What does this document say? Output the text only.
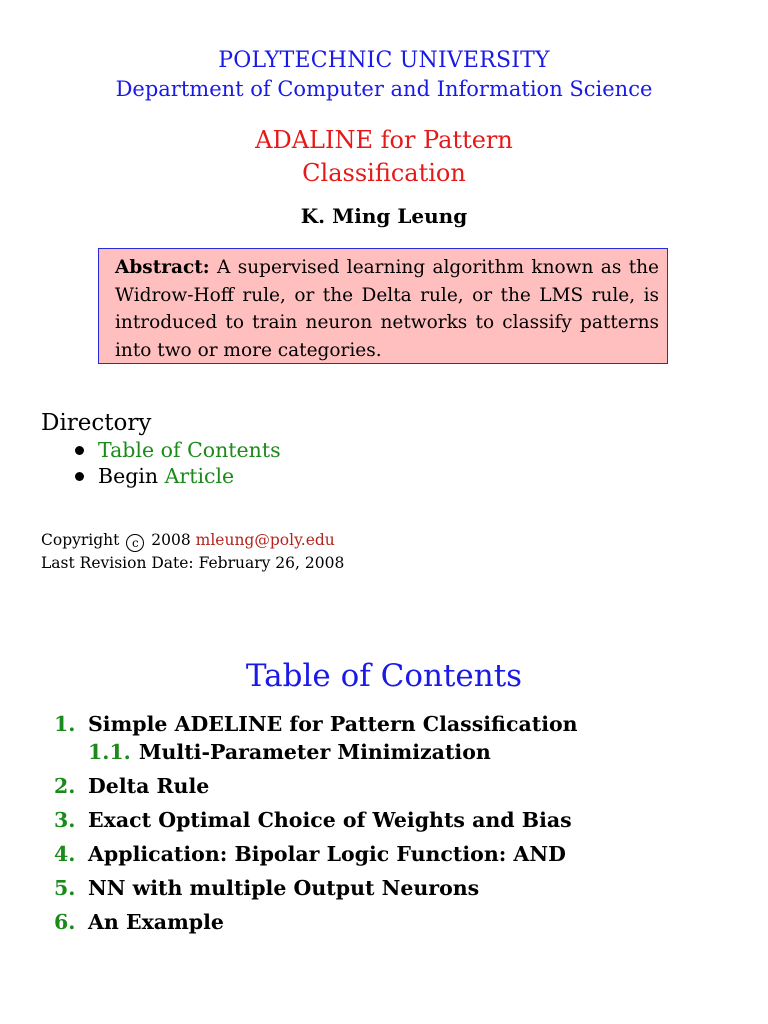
POLYTECHNIC UNIVERSITY
Department of Computer and Information Science
ADALINE for Pattern
Classification
K. Ming Leung
Abstract: A supervised learning algorithm known as the Widrow-Hoff rule, or the Delta rule, or the LMS rule, is introduced to train neuron networks to classify patterns into two or more categories.
Directory
Table of Contents
Begin Article
Copyright c 2008 mleung@poly.edu
Last Revision Date: February 26, 2008
Table of Contents
1. Simple ADELINE for Pattern Classification
1.1. Multi-Parameter Minimization
2. Delta Rule
3. Exact Optimal Choice of Weights and Bias
4. Application: Bipolar Logic Function: AND
5. NN with multiple Output Neurons
6. An Example
